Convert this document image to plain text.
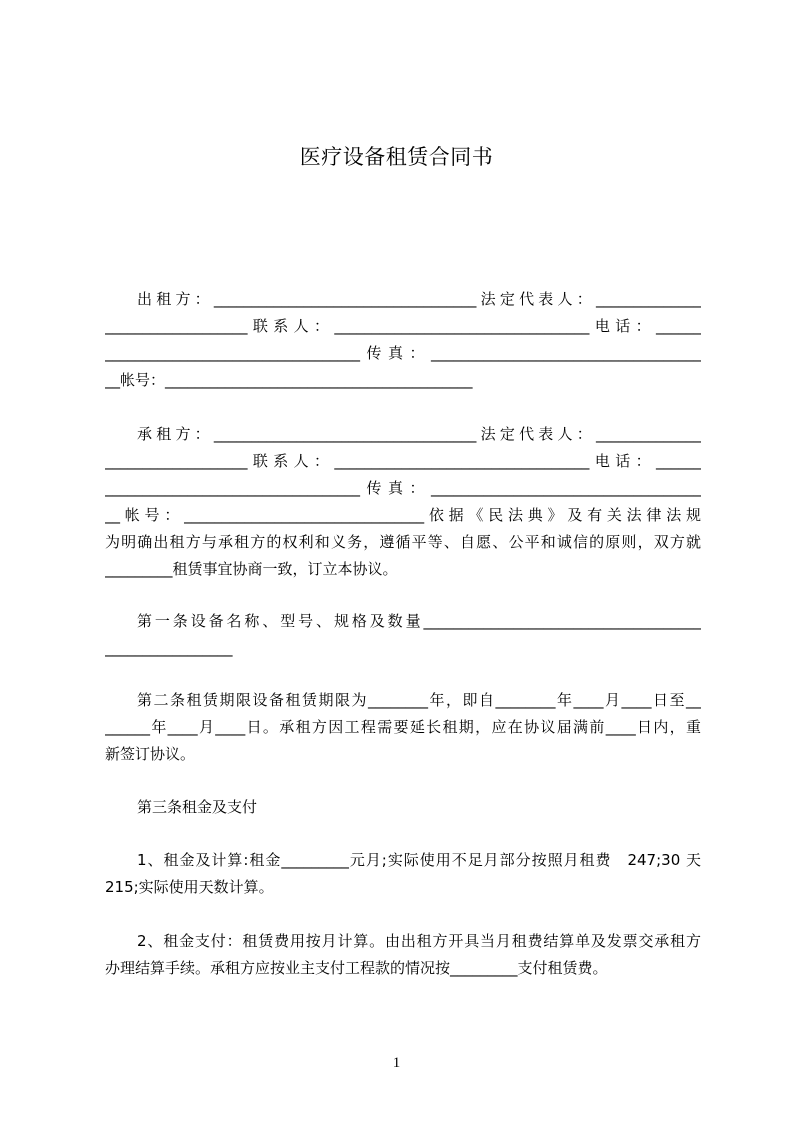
医疗设备租赁合同书
出租方：___________________________________法定代表人：______________
___________________联系人：__________________________________电话：______
__________________________________传真：____________________________________
__帐号：_________________________________________
承租方：___________________________________法定代表人：______________
___________________联系人：__________________________________电话：______
__________________________________传真：____________________________________
__帐号：________________________________依据《民法典》及有关法律法规
为明确出租方与承租方的权利和义务，遵循平等、自愿、公平和诚信的原则，双方就
_________租赁事宜协商一致，订立本协议。
第一条设备名称、型号、规格及数量_____________________________________
_________________
第二条租赁期限设备租赁期限为________年，即自________年____月____日至__
______年____月____日。承租方因工程需要延长租期，应在协议届满前____日内，重
新签订协议。
第三条租金及支付
1、租金及计算:租金_________元月;实际使用不足月部分按照月租费　247;30 天
215;实际使用天数计算。
2、租金支付：租赁费用按月计算。由出租方开具当月租费结算单及发票交承租方
办理结算手续。承租方应按业主支付工程款的情况按_________支付租赁费。
1
